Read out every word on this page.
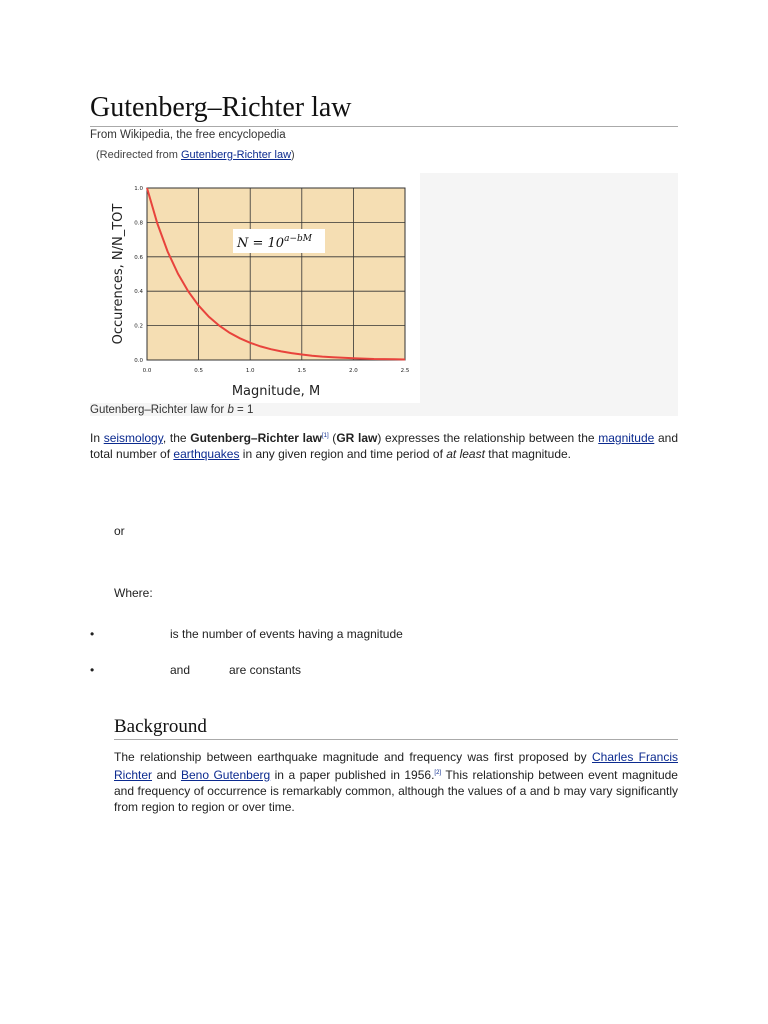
Gutenberg–Richter law
From Wikipedia, the free encyclopedia
(Redirected from Gutenberg-Richter law)
0.0	0.5	1.0	1.5	2.0	2.5
0.0
0.2
0.4
0.6
0.8
1.0
$N = 10^{a-bM}$
Magnitude, M
Occurences, N/N_TOT
Gutenberg–Richter law for b = 1
In seismology, the Gutenberg–Richter law[1] (GR law) expresses the relationship between the magnitude and total number of earthquakes in any given region and time period of at least that magnitude.
or
Where:
•	is the number of events having a magnitude
•	and	are constants
Background
The relationship between earthquake magnitude and frequency was first proposed by Charles Francis Richter and Beno Gutenberg in a paper published in 1956.[2] This relationship between event magnitude and frequency of occurrence is remarkably common, although the values of a and b may vary significantly from region to region or over time.
